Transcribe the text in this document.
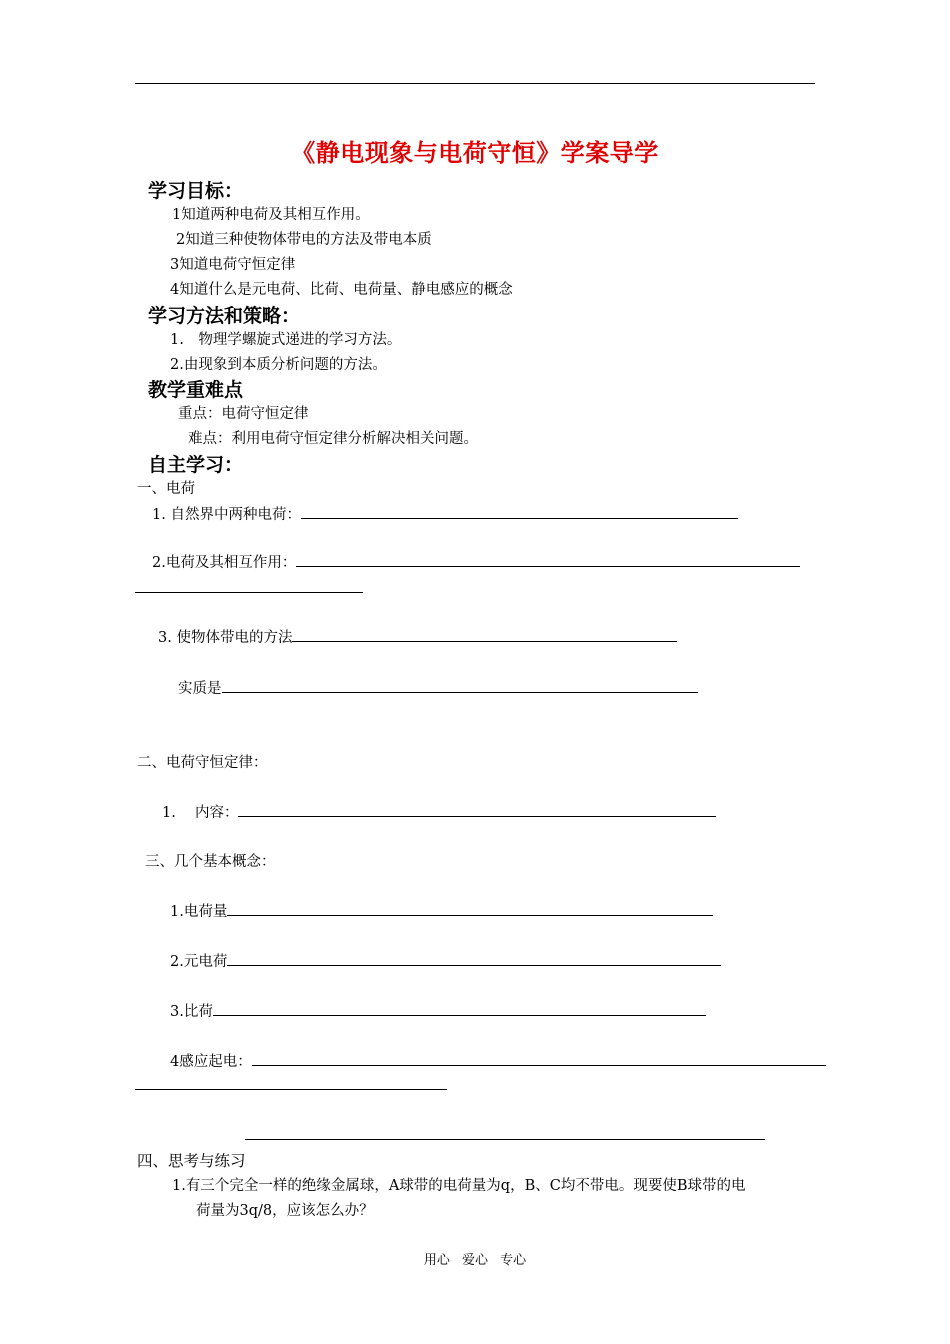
《静电现象与电荷守恒》学案导学
学习目标：
1知道两种电荷及其相互作用。
2知道三种使物体带电的方法及带电本质
3知道电荷守恒定律
4知道什么是元电荷、比荷、电荷量、静电感应的概念
学习方法和策略：
1.　物理学螺旋式递进的学习方法。
2.由现象到本质分析问题的方法。
教学重难点
重点：电荷守恒定律
难点：利用电荷守恒定律分析解决相关问题。
自主学习：
一、电荷
1. 自然界中两种电荷：
2.电荷及其相互作用：
3. 使物体带电的方法
实质是
二、电荷守恒定律：
1.　 内容：
三、几个基本概念：
1.电荷量
2.元电荷
3.比荷
4感应起电：
四、思考与练习
1.有三个完全一样的绝缘金属球，A球带的电荷量为q，B、C均不带电。现要使B球带的电
荷量为3q/8，应该怎么办？
用心 爱心 专心
